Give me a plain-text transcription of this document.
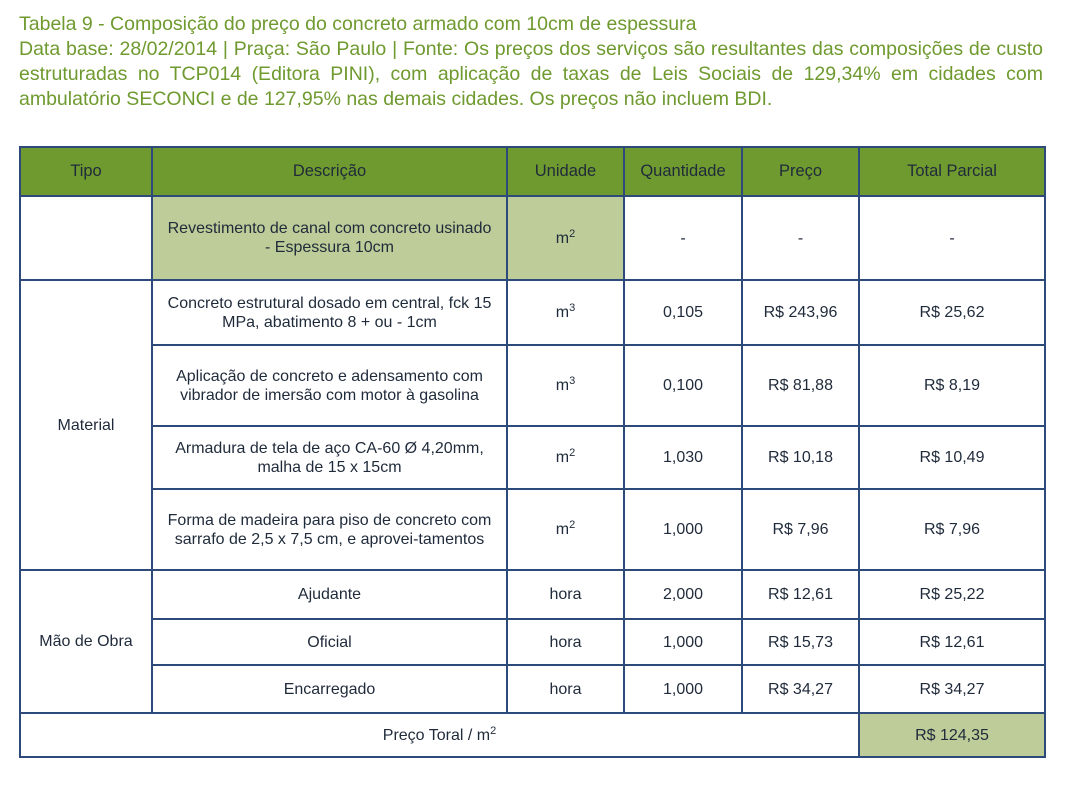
Tabela 9 - Composição do preço do concreto armado com 10cm de espessura
Data base: 28/02/2014 | Praça: São Paulo | Fonte: Os preços dos serviços são resultantes das composições de custo estruturadas no TCP014 (Editora PINI), com aplicação de taxas de Leis Sociais de 129,34% em cidades com ambulatório SECONCI e de 127,95% nas demais cidades. Os preços não incluem BDI.
Tipo	Descrição	Unidade	Quantidade	Preço	Total Parcial
	Revestimento de canal com concreto usinado - Espessura 10cm	$m^2$	-	-	-
Material	Concreto estrutural dosado em central, fck 15 MPa, abatimento 8 + ou - 1cm	$m^3$	0,105	R$ 243,96	R$ 25,62
	Aplicação de concreto e adensamento com vibrador de imersão com motor à gasolina	$m^3$	0,100	R$ 81,88	R$ 8,19
	Armadura de tela de aço CA-60 Ø 4,20mm, malha de 15 x 15cm	$m^2$	1,030	R$ 10,18	R$ 10,49
	Forma de madeira para piso de concreto com sarrafo de 2,5 x 7,5 cm, e aprovei-tamentos	$m^2$	1,000	R$ 7,96	R$ 7,96
Mão de Obra	Ajudante	hora	2,000	R$ 12,61	R$ 25,22
	Oficial	hora	1,000	R$ 15,73	R$ 12,61
	Encarregado	hora	1,000	R$ 34,27	R$ 34,27
Preço Toral / $m^2$					R$ 124,35
